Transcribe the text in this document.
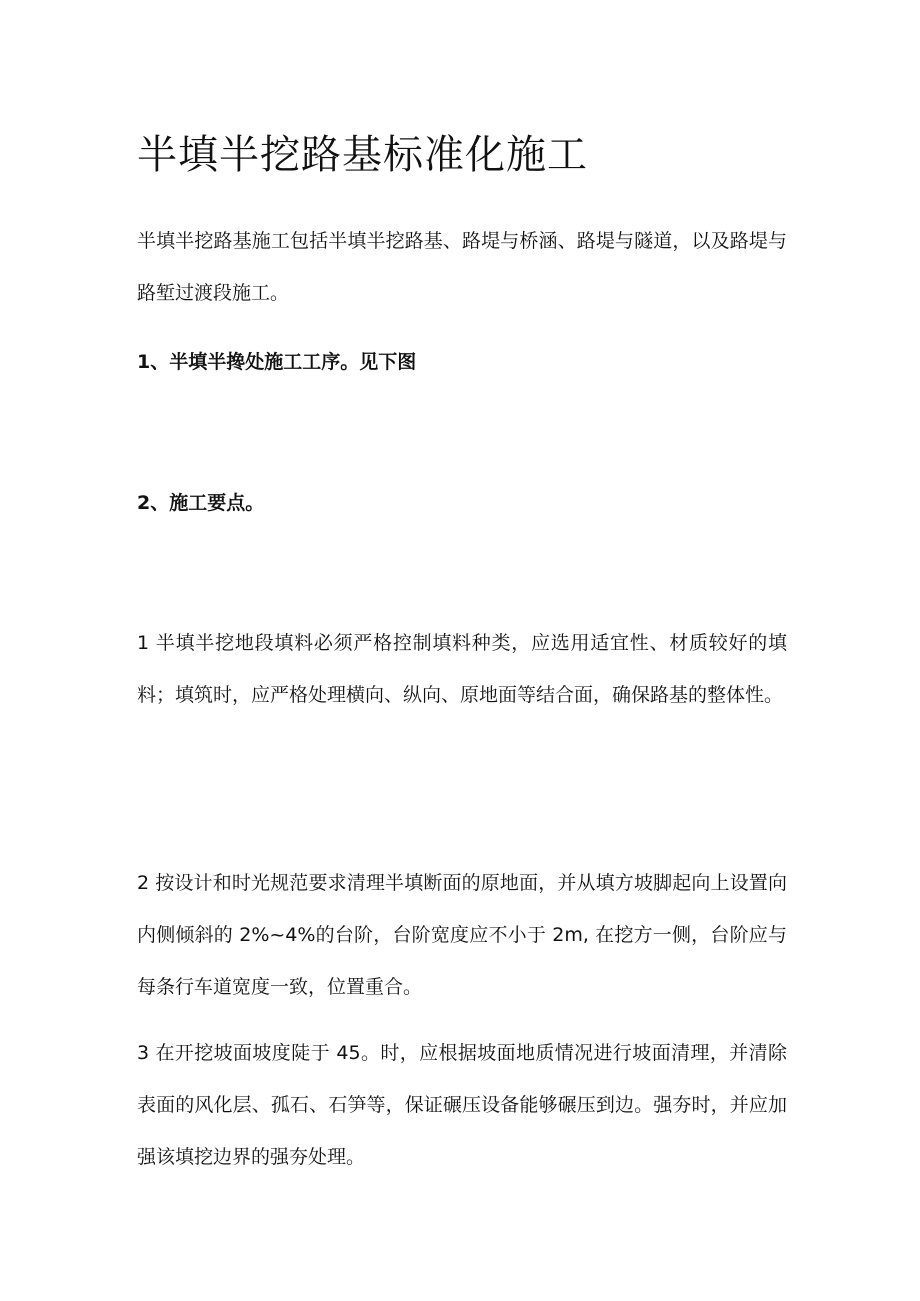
半填半挖路基标准化施工

半填半挖路基施工包括半填半挖路基、路堤与桥涵、路堤与隧道，以及路堤与路堑过渡段施工。

1、半填半搀处施工工序。见下图

2、施工要点。

1 半填半挖地段填料必须严格控制填料种类，应选用适宜性、材质较好的填料；填筑时，应严格处理横向、纵向、原地面等结合面，确保路基的整体性。

2 按设计和时光规范要求清理半填断面的原地面，并从填方坡脚起向上设置向内侧倾斜的 2%~4%的台阶，台阶宽度应不小于 2m, 在挖方一侧，台阶应与每条行车道宽度一致，位置重合。

3 在开挖坡面坡度陡于 45。时，应根据坡面地质情况进行坡面清理，并清除表面的风化层、孤石、石笋等，保证碾压设备能够碾压到边。强夯时，并应加强该填挖边界的强夯处理。
